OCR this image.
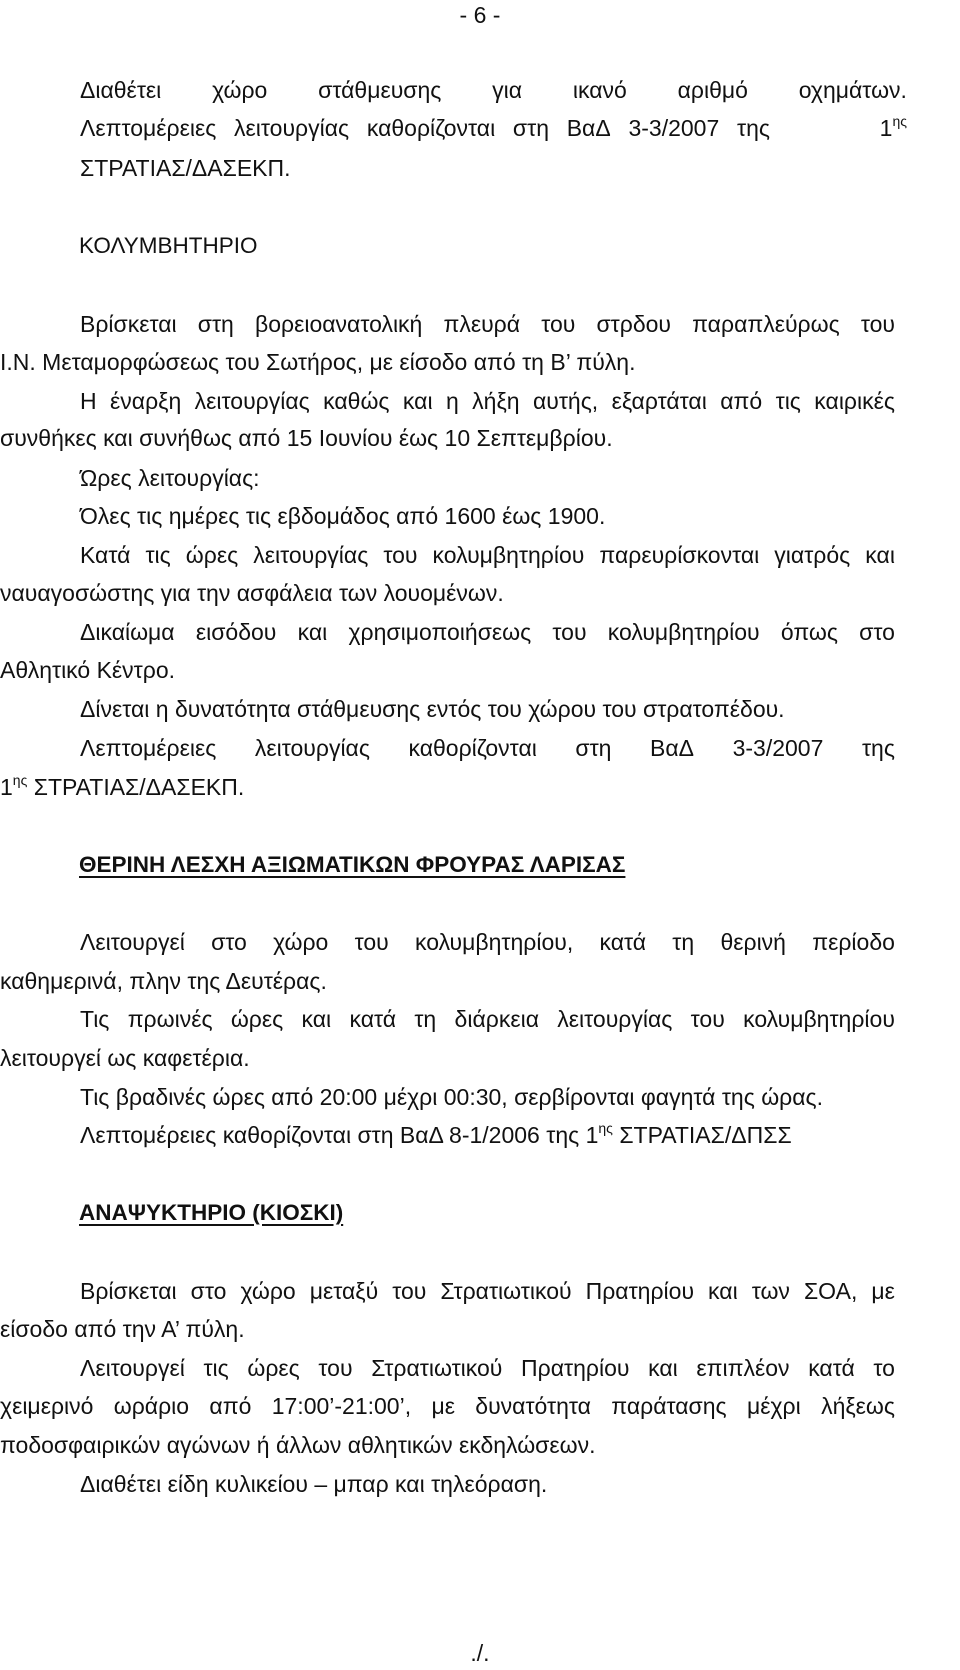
- 6 -
Διαθέτει χώρο στάθμευσης για ικανό αριθμό οχημάτων.
Λεπτομέρειες λειτουργίας καθορίζονται στη ΒαΔ 3-3/2007 της	$1^{\eta\varsigma}$
ΣΤΡΑΤΙΑΣ/ΔΑΣΕΚΠ.
ΚΟΛΥΜΒΗΤΗΡΙΟ
Βρίσκεται στη βορειοανατολική πλευρά του στρδου παραπλεύρως του
Ι.Ν. Μεταμορφώσεως του Σωτήρος, με είσοδο από τη Β’ πύλη.
Η έναρξη λειτουργίας καθώς και η λήξη αυτής, εξαρτάται από τις καιρικές
συνθήκες και συνήθως από 15 Ιουνίου έως 10 Σεπτεμβρίου.
Ώρες λειτουργίας:
Όλες τις ημέρες τις εβδομάδος από 1600 έως 1900.
Κατά τις ώρες λειτουργίας του κολυμβητηρίου παρευρίσκονται γιατρός και
ναυαγοσώστης για την ασφάλεια των λουομένων.
Δικαίωμα εισόδου και χρησιμοποιήσεως του κολυμβητηρίου όπως στο
Αθλητικό Κέντρο.
Δίνεται η δυνατότητα στάθμευσης εντός του χώρου του στρατοπέδου.
Λεπτομέρειες λειτουργίας καθορίζονται στη ΒαΔ 3-3/2007 της
$1^{\eta\varsigma}$ ΣΤΡΑΤΙΑΣ/ΔΑΣΕΚΠ.
ΘΕΡΙΝΗ ΛΕΣΧΗ ΑΞΙΩΜΑΤΙΚΩΝ ΦΡΟΥΡΑΣ ΛΑΡΙΣΑΣ
Λειτουργεί στο χώρο του κολυμβητηρίου, κατά τη θερινή περίοδο
καθημερινά, πλην της Δευτέρας.
Τις πρωινές ώρες και κατά τη διάρκεια λειτουργίας του κολυμβητηρίου
λειτουργεί ως καφετέρια.
Τις βραδινές ώρες από 20:00 μέχρι 00:30, σερβίρονται φαγητά της ώρας.
Λεπτομέρειες καθορίζονται στη ΒαΔ 8-1/2006 της $1^{\eta\varsigma}$ ΣΤΡΑΤΙΑΣ/ΔΠΣΣ
ΑΝΑΨΥΚΤΗΡΙΟ (ΚΙΟΣΚΙ)
Βρίσκεται στο χώρο μεταξύ του Στρατιωτικού Πρατηρίου και των ΣΟΑ, με
είσοδο από την Α’ πύλη.
Λειτουργεί τις ώρες του Στρατιωτικού Πρατηρίου και επιπλέον κατά το
χειμερινό ωράριο από 17:00’-21:00’, με δυνατότητα παράτασης μέχρι λήξεως
ποδοσφαιρικών αγώνων ή άλλων αθλητικών εκδηλώσεων.
Διαθέτει είδη κυλικείου – μπαρ και τηλεόραση.
./.
